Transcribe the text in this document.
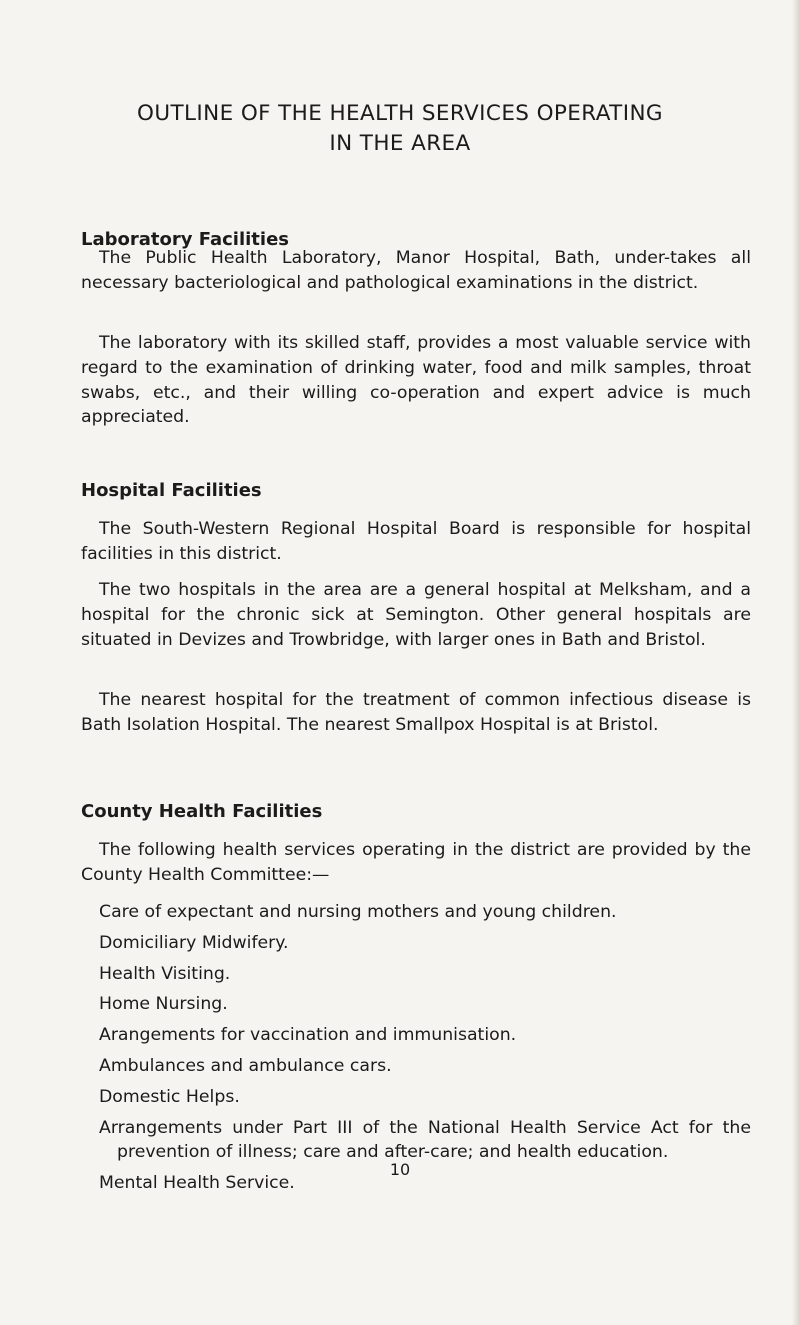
OUTLINE OF THE HEALTH SERVICES OPERATING
IN THE AREA
Laboratory Facilities

The Public Health Laboratory, Manor Hospital, Bath, under-takes all necessary bacteriological and pathological examinations in the district.

The laboratory with its skilled staff, provides a most valuable service with regard to the examination of drinking water, food and milk samples, throat swabs, etc., and their willing co-operation and expert advice is much appreciated.

Hospital Facilities

The South-Western Regional Hospital Board is responsible for hospital facilities in this district.

The two hospitals in the area are a general hospital at Melksham, and a hospital for the chronic sick at Semington. Other general hospitals are situated in Devizes and Trowbridge, with larger ones in Bath and Bristol.

The nearest hospital for the treatment of common infectious disease is Bath Isolation Hospital. The nearest Smallpox Hospital is at Bristol.

County Health Facilities

The following health services operating in the district are provided by the County Health Committee:—

Care of expectant and nursing mothers and young children.

Domiciliary Midwifery.

Health Visiting.

Home Nursing.

Arangements for vaccination and immunisation.

Ambulances and ambulance cars.

Domestic Helps.

Arrangements under Part III of the National Health Service Act for the prevention of illness; care and after-care; and health education.

Mental Health Service.

10
